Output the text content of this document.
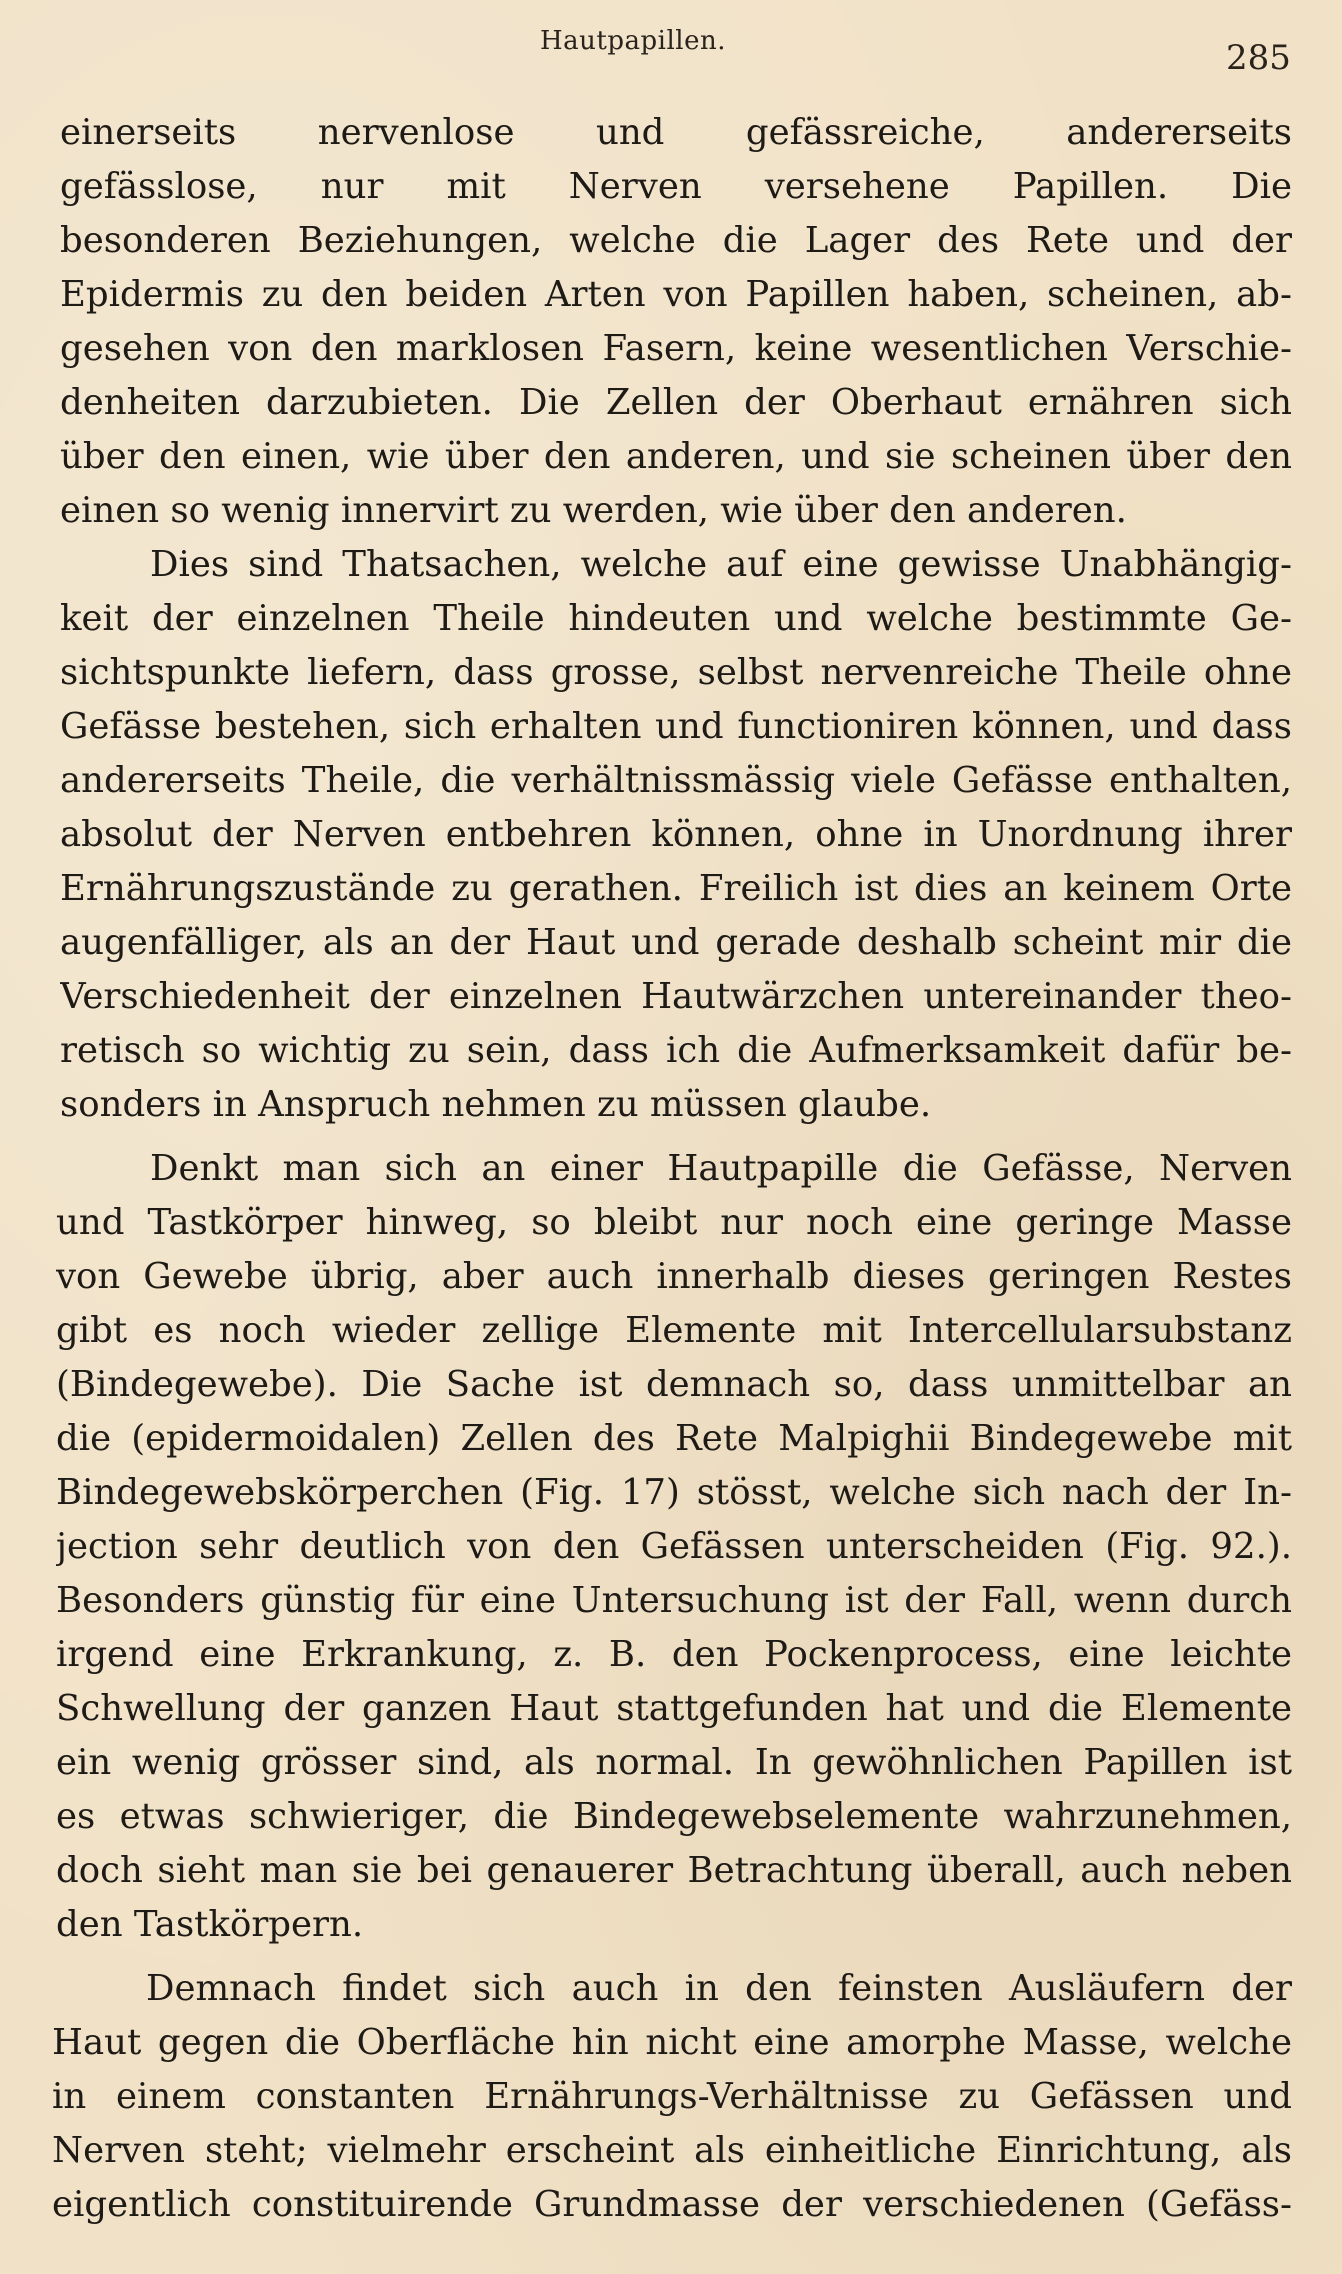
Hautpapillen.	285
einerseits nervenlose und gefässreiche, andererseits
gefässlose, nur mit Nerven versehene Papillen. Die
besonderen Beziehungen, welche die Lager des Rete und der
Epidermis zu den beiden Arten von Papillen haben, scheinen, ab-
gesehen von den marklosen Fasern, keine wesentlichen Verschie-
denheiten darzubieten. Die Zellen der Oberhaut ernähren sich
über den einen, wie über den anderen, und sie scheinen über den
einen so wenig innervirt zu werden, wie über den anderen.
Dies sind Thatsachen, welche auf eine gewisse Unabhängig-
keit der einzelnen Theile hindeuten und welche bestimmte Ge-
sichtspunkte liefern, dass grosse, selbst nervenreiche Theile ohne
Gefässe bestehen, sich erhalten und functioniren können, und dass
andererseits Theile, die verhältnissmässig viele Gefässe enthalten,
absolut der Nerven entbehren können, ohne in Unordnung ihrer
Ernährungszustände zu gerathen. Freilich ist dies an keinem Orte
augenfälliger, als an der Haut und gerade deshalb scheint mir die
Verschiedenheit der einzelnen Hautwärzchen untereinander theo-
retisch so wichtig zu sein, dass ich die Aufmerksamkeit dafür be-
sonders in Anspruch nehmen zu müssen glaube.
Denkt man sich an einer Hautpapille die Gefässe, Nerven
und Tastkörper hinweg, so bleibt nur noch eine geringe Masse
von Gewebe übrig, aber auch innerhalb dieses geringen Restes
gibt es noch wieder zellige Elemente mit Intercellularsubstanz
(Bindegewebe). Die Sache ist demnach so, dass unmittelbar an
die (epidermoidalen) Zellen des Rete Malpighii Bindegewebe mit
Bindegewebskörperchen (Fig. 17) stösst, welche sich nach der In-
jection sehr deutlich von den Gefässen unterscheiden (Fig. 92.).
Besonders günstig für eine Untersuchung ist der Fall, wenn durch
irgend eine Erkrankung, z. B. den Pockenprocess, eine leichte
Schwellung der ganzen Haut stattgefunden hat und die Elemente
ein wenig grösser sind, als normal. In gewöhnlichen Papillen ist
es etwas schwieriger, die Bindegewebselemente wahrzunehmen,
doch sieht man sie bei genauerer Betrachtung überall, auch neben
den Tastkörpern.
Demnach findet sich auch in den feinsten Ausläufern der
Haut gegen die Oberfläche hin nicht eine amorphe Masse, welche
in einem constanten Ernährungs-Verhältnisse zu Gefässen und
Nerven steht; vielmehr erscheint als einheitliche Einrichtung, als
eigentlich constituirende Grundmasse der verschiedenen (Gefäss-
